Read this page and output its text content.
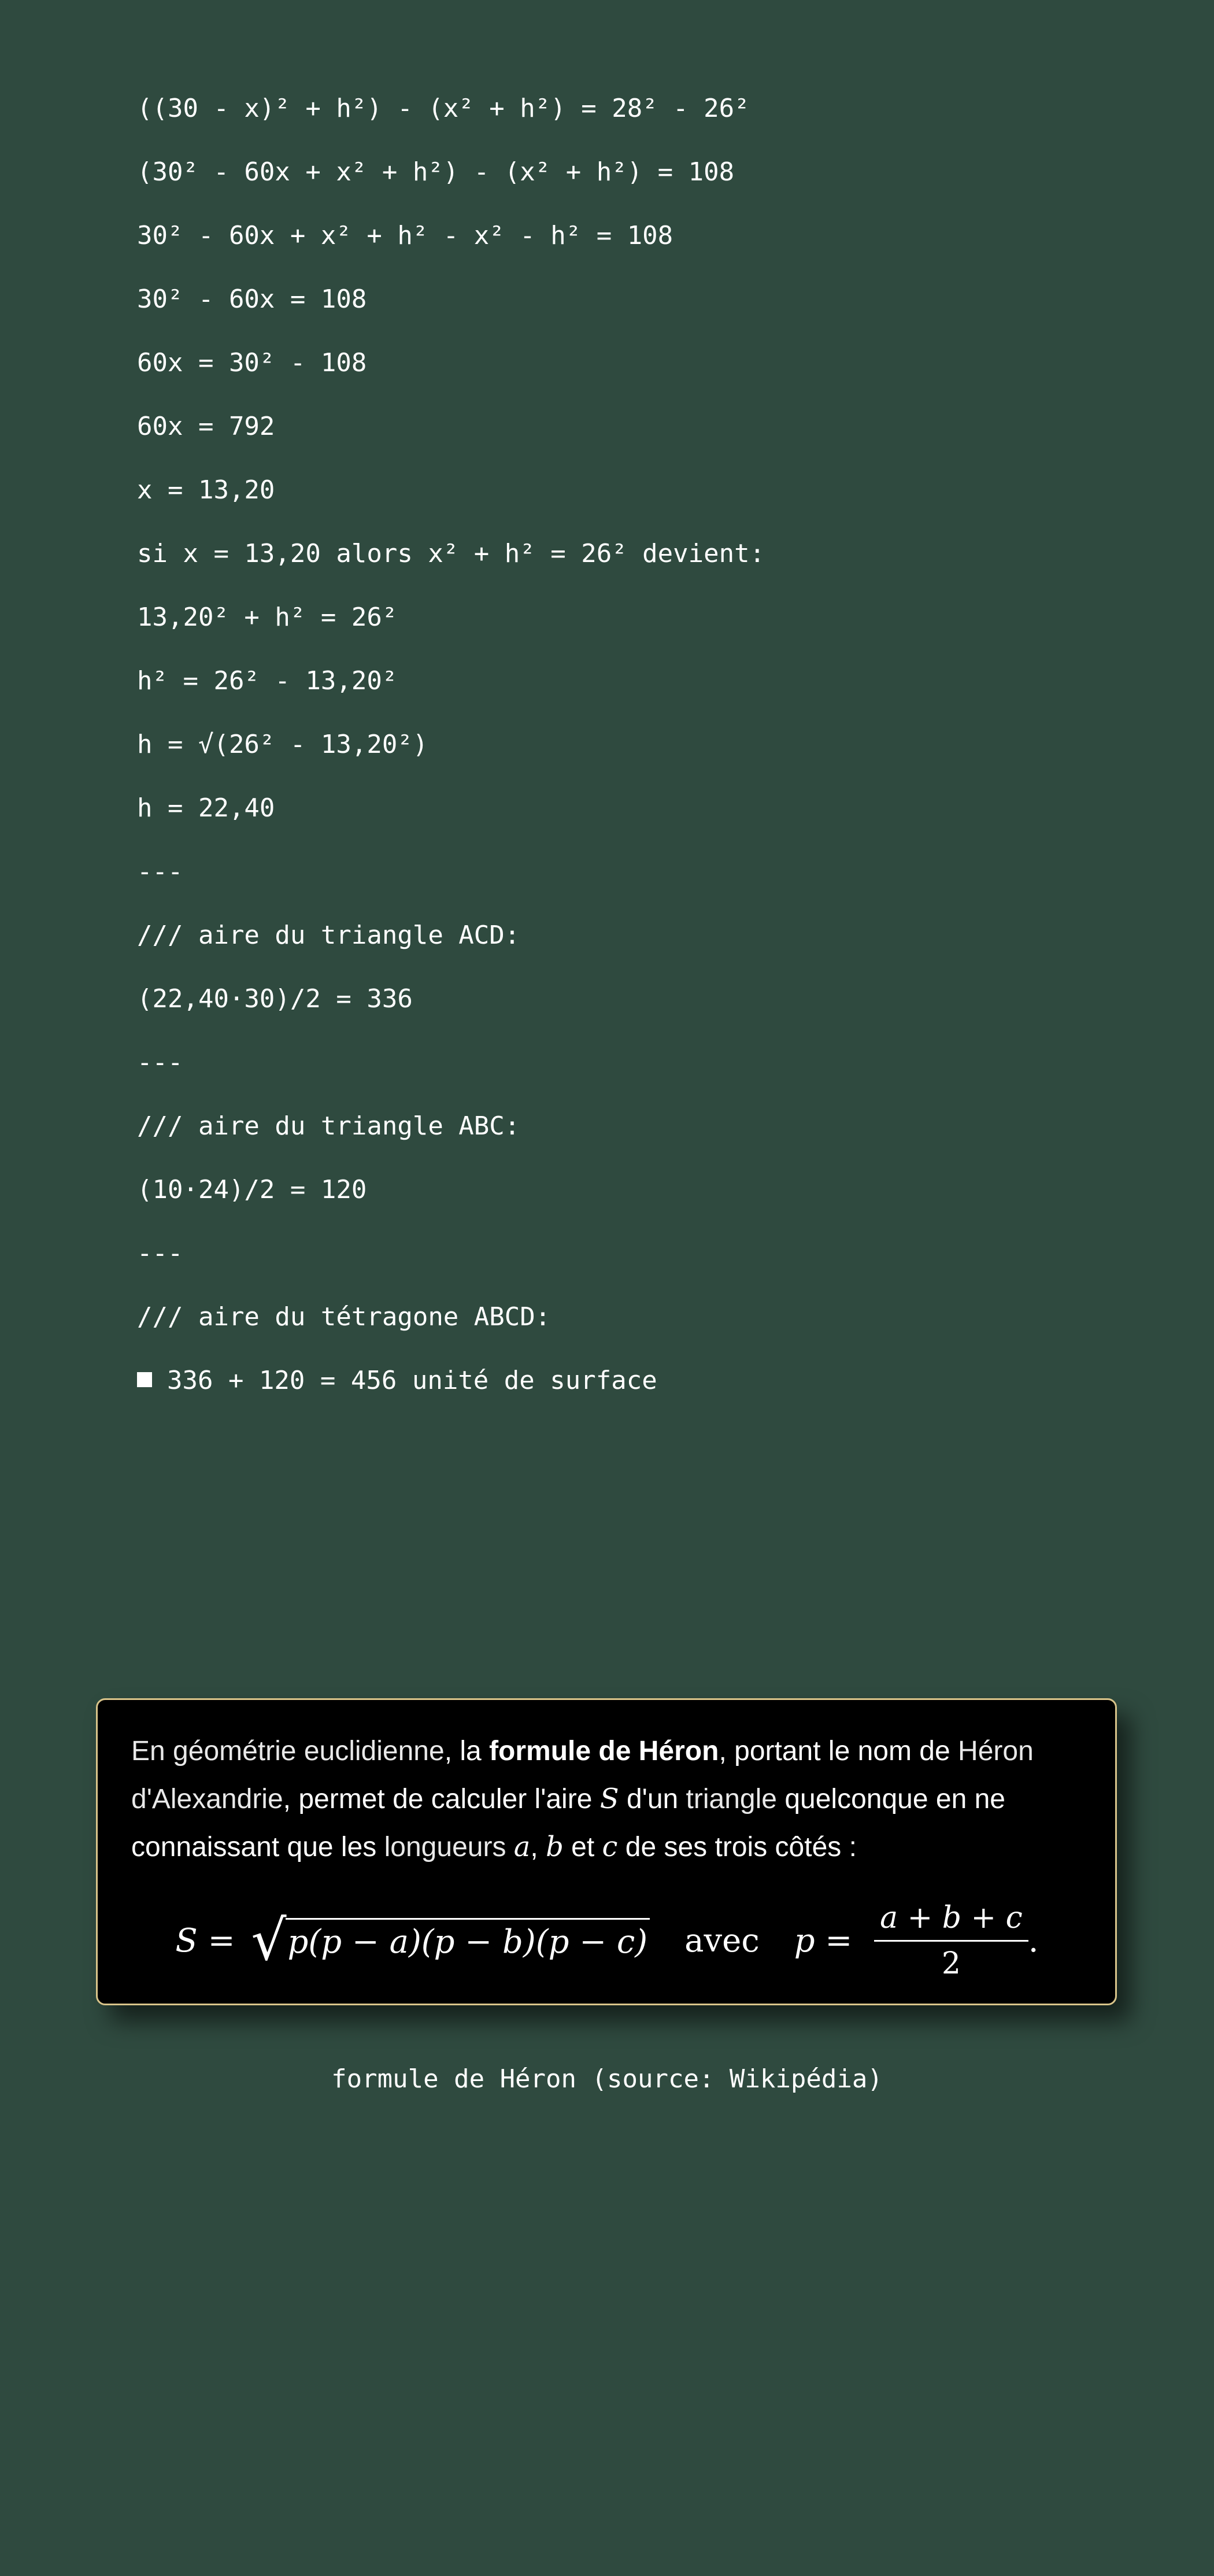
((30 - x)² + h²) - (x² + h²) = 28² - 26²
(30² - 60x + x² + h²) - (x² + h²) = 108
30² - 60x + x² + h² - x² - h² = 108
30² - 60x = 108
60x = 30² - 108
60x = 792
x = 13,20
si x = 13,20 alors x² + h² = 26² devient:
13,20² + h² = 26²
h² = 26² - 13,20²
h = √(26² - 13,20²)
h = 22,40
---
/// aire du triangle ACD:
(22,40·30)/2 = 336
---
/// aire du triangle ABC:
(10·24)/2 = 120
---
/// aire du tétragone ABCD:
336 + 120 = 456 unité de surface
En géométrie euclidienne, la formule de Héron, portant le nom de Héron d'Alexandrie, permet de calculer l'aire S d'un triangle quelconque en ne connaissant que les longueurs a, b et c de ses trois côtés :
S = √ p(p − a)(p − b)(p − c) avec $p = \frac{a + b + c}{2}$ .
formule de Héron (source: Wikipédia)
